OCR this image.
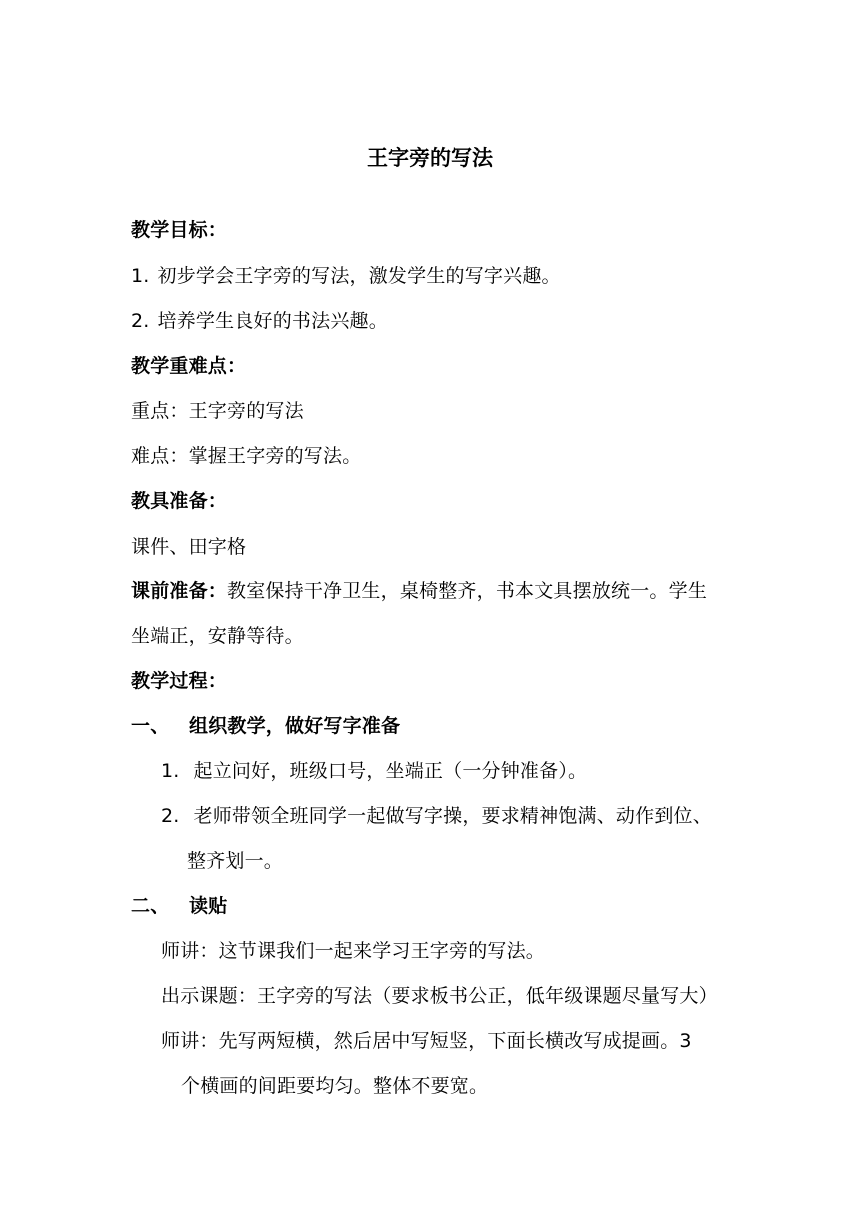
王字旁的写法
教学目标：
1. 初步学会王字旁的写法，激发学生的写字兴趣。
2. 培养学生良好的书法兴趣。
教学重难点：
重点：王字旁的写法
难点：掌握王字旁的写法。
教具准备：
课件、田字格
课前准备：教室保持干净卫生，桌椅整齐，书本文具摆放统一。学生
坐端正，安静等待。
教学过程：
一、 组织教学，做好写字准备
1. 起立问好，班级口号，坐端正（一分钟准备）。
2. 老师带领全班同学一起做写字操，要求精神饱满、动作到位、
整齐划一。
二、 读贴
师讲：这节课我们一起来学习王字旁的写法。
出示课题：王字旁的写法（要求板书公正，低年级课题尽量写大）
师讲：先写两短横，然后居中写短竖，下面长横改写成提画。3
个横画的间距要均匀。整体不要宽。
